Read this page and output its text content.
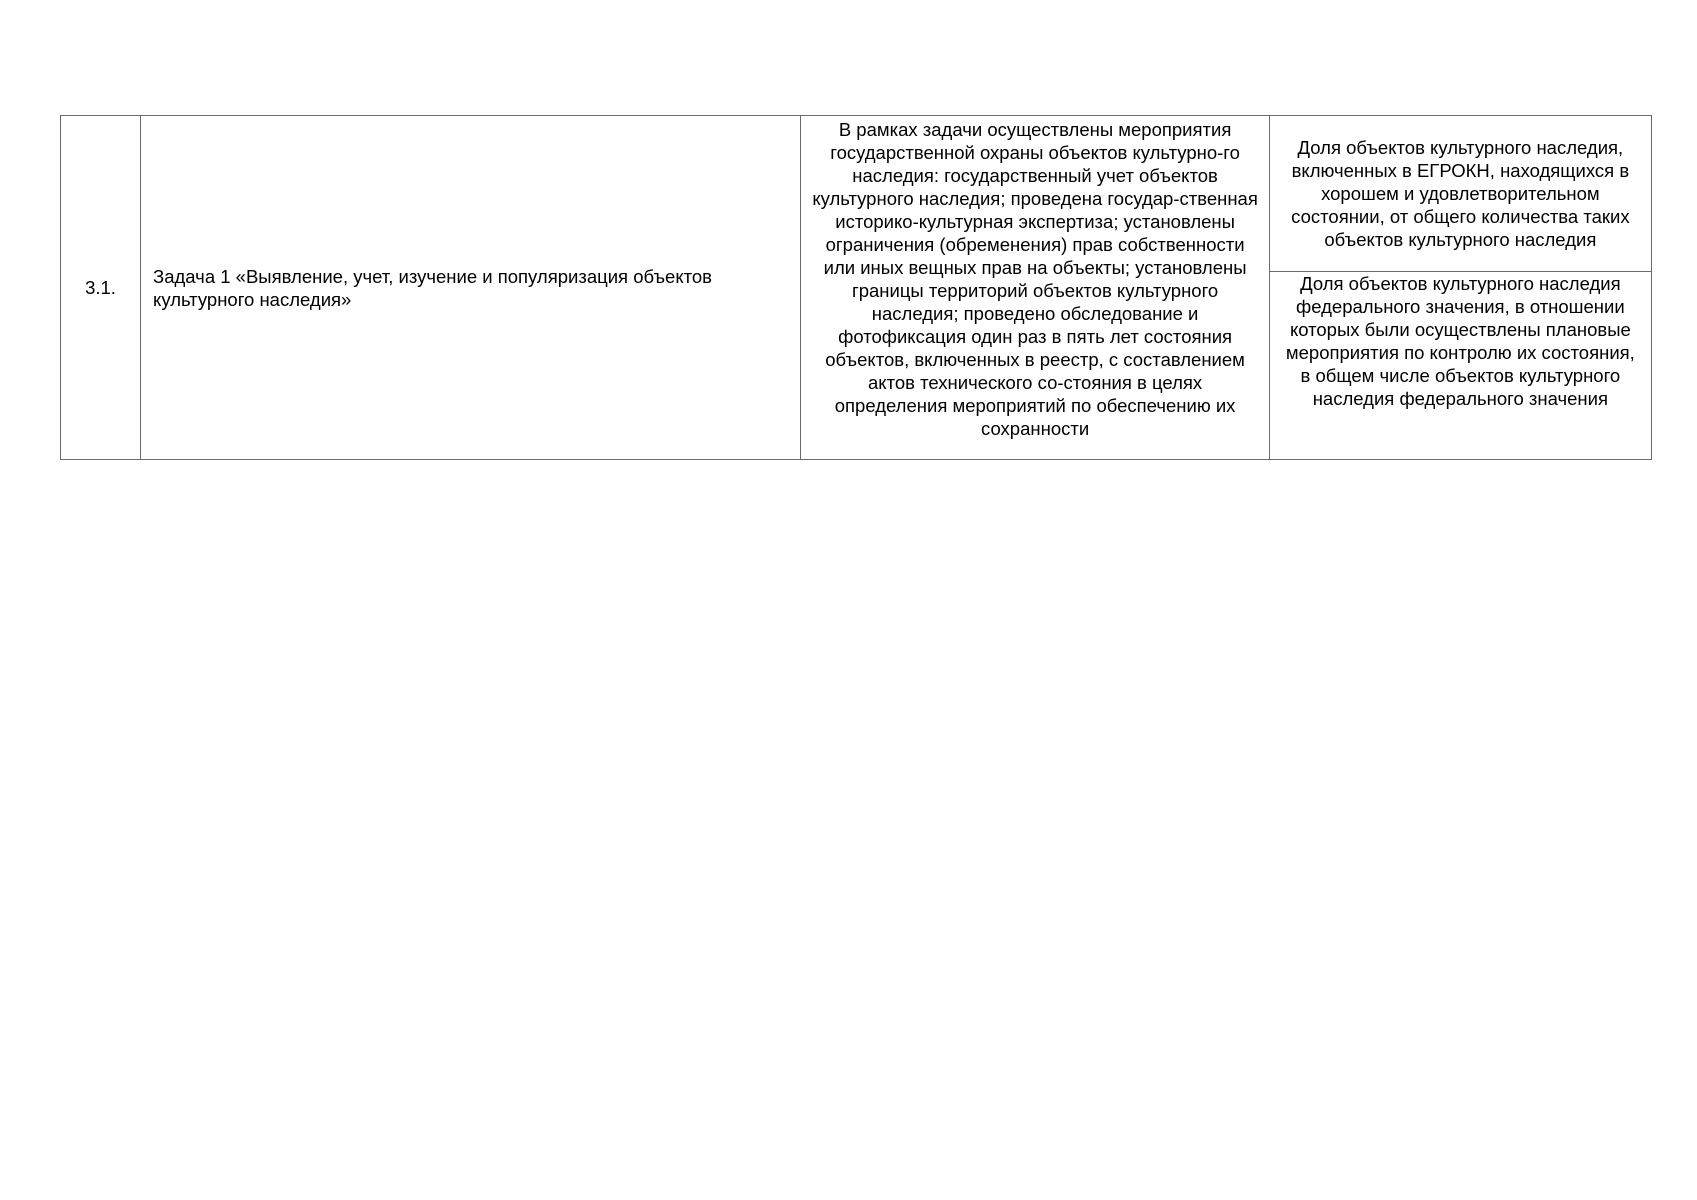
3.1.	Задача 1 «Выявление, учет, изучение и популяризация объектов культурного наследия»	В рамках задачи осуществлены мероприятия государственной охраны объектов культурно-го наследия: государственный учет объектов культурного наследия; проведена государ-ственная историко-культурная экспертиза; установлены ограничения (обременения) прав собственности или иных вещных прав на объекты; установлены границы территорий объектов культурного наследия; проведено обследование и фотофиксация один раз в пять лет состояния объектов, включенных в реестр, с составлением актов технического со-стояния в целях определения мероприятий по обеспечению их сохранности	Доля объектов культурного наследия, включенных в ЕГРОКН, находящихся в хорошем и удовлетворительном состоянии, от общего количества таких объектов культурного наследия
Доля объектов культурного наследия федерального значения, в отношении которых были осуществлены плановые мероприятия по контролю их состояния, в общем числе объектов культурного наследия федерального значения
